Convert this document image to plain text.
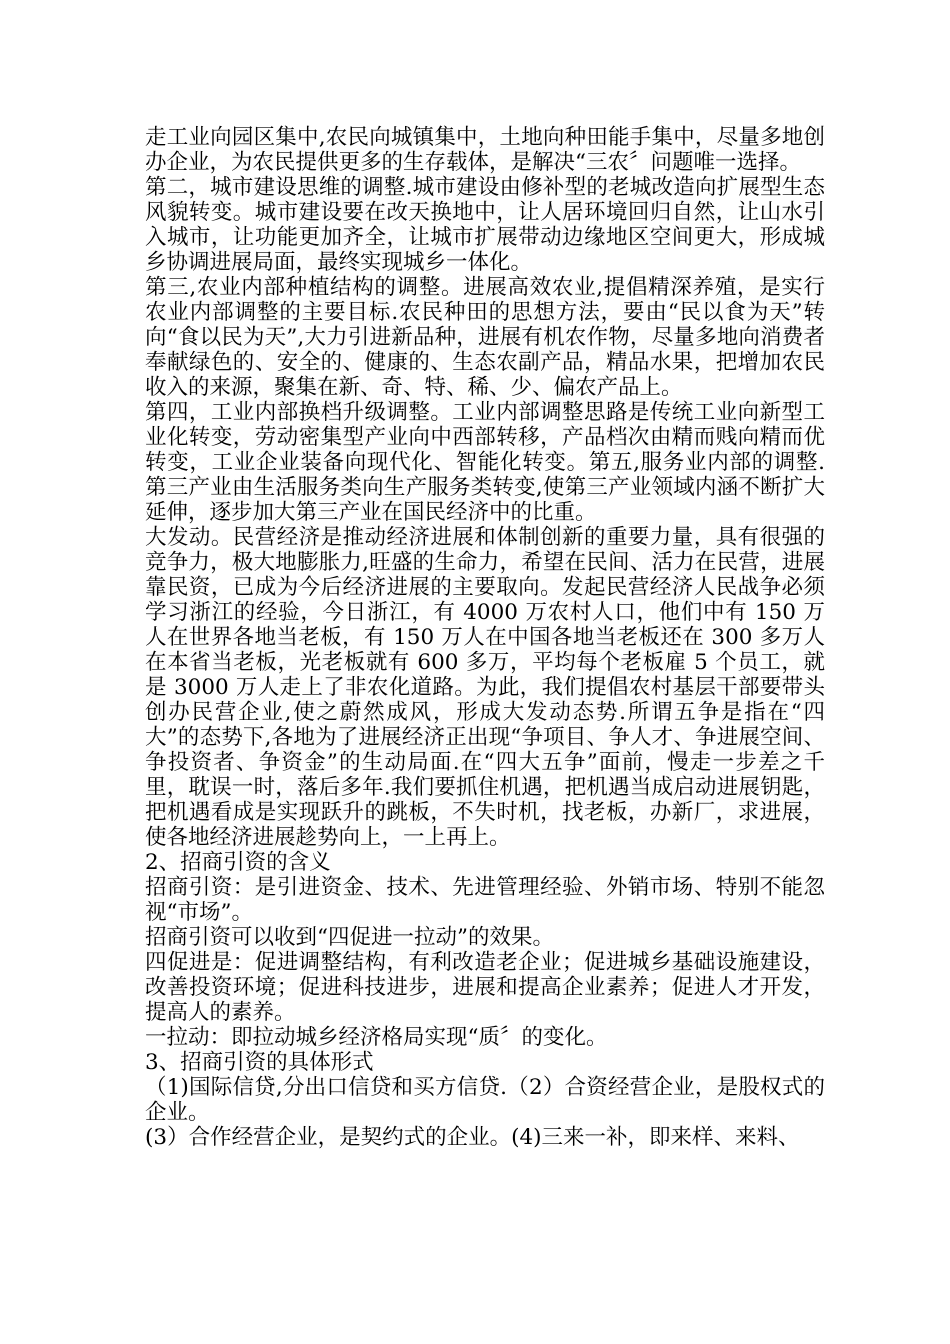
走工业向园区集中,农民向城镇集中，土地向种田能手集中，尽量多地创办企业，为农民提供更多的生存载体，是解决“三农〞问题唯一选择。

第二，城市建设思维的调整.城市建设由修补型的老城改造向扩展型生态风貌转变。城市建设要在改天换地中，让人居环境回归自然，让山水引入城市，让功能更加齐全，让城市扩展带动边缘地区空间更大，形成城乡协调进展局面，最终实现城乡一体化。

第三,农业内部种植结构的调整。进展高效农业,提倡精深养殖，是实行农业内部调整的主要目标.农民种田的思想方法，要由“民以食为天”转向“食以民为天”,大力引进新品种，进展有机农作物，尽量多地向消费者奉献绿色的、安全的、健康的、生态农副产品，精品水果，把增加农民收入的来源，聚集在新、奇、特、稀、少、偏农产品上。

第四，工业内部换档升级调整。工业内部调整思路是传统工业向新型工业化转变，劳动密集型产业向中西部转移，产品档次由精而贱向精而优转变，工业企业装备向现代化、智能化转变。第五,服务业内部的调整.第三产业由生活服务类向生产服务类转变,使第三产业领域内涵不断扩大延伸，逐步加大第三产业在国民经济中的比重。

大发动。民营经济是推动经济进展和体制创新的重要力量，具有很强的竞争力，极大地膨胀力,旺盛的生命力，希望在民间、活力在民营，进展靠民资，已成为今后经济进展的主要取向。发起民营经济人民战争必须学习浙江的经验，今日浙江，有 4000 万农村人口，他们中有 150 万人在世界各地当老板，有 150 万人在中国各地当老板还在 300 多万人在本省当老板，光老板就有 600 多万，平均每个老板雇 5 个员工，就是 3000 万人走上了非农化道路。为此，我们提倡农村基层干部要带头创办民营企业,使之蔚然成风，形成大发动态势.所谓五争是指在“四大”的态势下,各地为了进展经济正出现“争项目、争人才、争进展空间、争投资者、争资金”的生动局面.在“四大五争”面前，慢走一步差之千里，耽误一时，落后多年.我们要抓住机遇，把机遇当成启动进展钥匙，把机遇看成是实现跃升的跳板，不失时机，找老板，办新厂，求进展，使各地经济进展趁势向上，一上再上。

2、招商引资的含义

招商引资：是引进资金、技术、先进管理经验、外销市场、特别不能忽视“市场”。

招商引资可以收到“四促进一拉动”的效果。

四促进是：促进调整结构，有利改造老企业；促进城乡基础设施建设，改善投资环境；促进科技进步，进展和提高企业素养；促进人才开发，提高人的素养。

一拉动：即拉动城乡经济格局实现“质〞的变化。

3、招商引资的具体形式

（1)国际信贷,分出口信贷和买方信贷.（2）合资经营企业，是股权式的企业。

(3）合作经营企业，是契约式的企业。(4)三来一补，即来样、来料、
